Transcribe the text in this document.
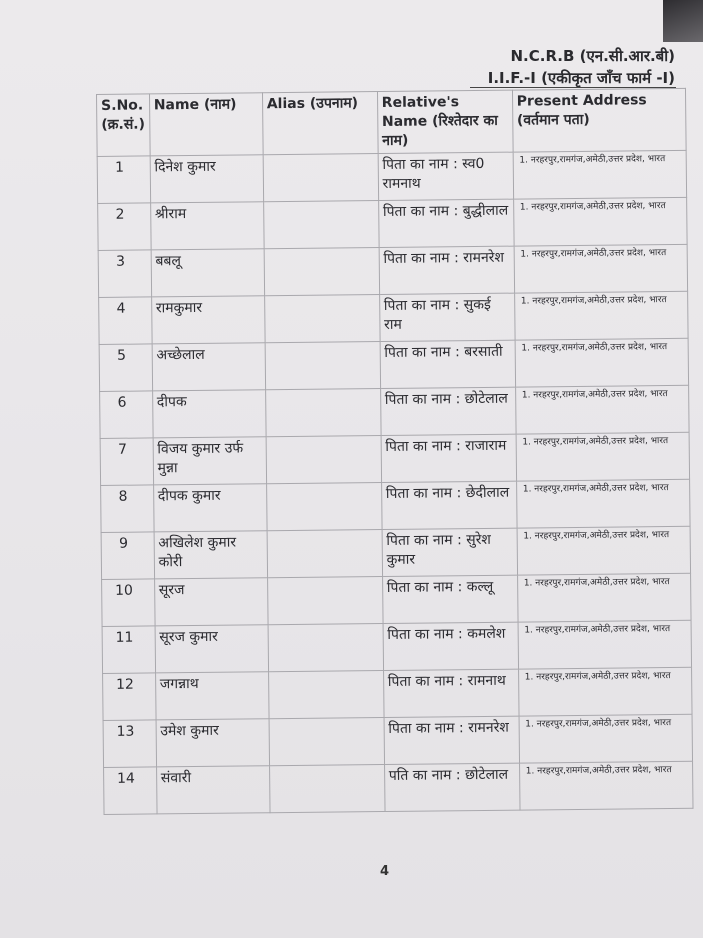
N.C.R.B (एन.सी.आर.बी)
I.I.F.-I (एकीकृत जाँच फार्म -I)
S.No. (क्र.सं.)	Name (नाम)	Alias (उपनाम)	Relative's Name (रिश्तेदार का नाम)	Present Address (वर्तमान पता)
1	दिनेश कुमार		पिता का नाम : स्व0 रामनाथ	1. नरहरपुर,रामगंज,अमेठी,उत्तर प्रदेश, भारत
2	श्रीराम		पिता का नाम : बुद्धीलाल	1. नरहरपुर,रामगंज,अमेठी,उत्तर प्रदेश, भारत
3	बबलू		पिता का नाम : रामनरेश	1. नरहरपुर,रामगंज,अमेठी,उत्तर प्रदेश, भारत
4	रामकुमार		पिता का नाम : सुकई राम	1. नरहरपुर,रामगंज,अमेठी,उत्तर प्रदेश, भारत
5	अच्छेलाल		पिता का नाम : बरसाती	1. नरहरपुर,रामगंज,अमेठी,उत्तर प्रदेश, भारत
6	दीपक		पिता का नाम : छोटेलाल	1. नरहरपुर,रामगंज,अमेठी,उत्तर प्रदेश, भारत
7	विजय कुमार उर्फ मुन्ना		पिता का नाम : राजाराम	1. नरहरपुर,रामगंज,अमेठी,उत्तर प्रदेश, भारत
8	दीपक कुमार		पिता का नाम : छेदीलाल	1. नरहरपुर,रामगंज,अमेठी,उत्तर प्रदेश, भारत
9	अखिलेश कुमार कोरी		पिता का नाम : सुरेश कुमार	1. नरहरपुर,रामगंज,अमेठी,उत्तर प्रदेश, भारत
10	सूरज		पिता का नाम : कल्लू	1. नरहरपुर,रामगंज,अमेठी,उत्तर प्रदेश, भारत
11	सूरज कुमार		पिता का नाम : कमलेश	1. नरहरपुर,रामगंज,अमेठी,उत्तर प्रदेश, भारत
12	जगन्नाथ		पिता का नाम : रामनाथ	1. नरहरपुर,रामगंज,अमेठी,उत्तर प्रदेश, भारत
13	उमेश कुमार		पिता का नाम : रामनरेश	1. नरहरपुर,रामगंज,अमेठी,उत्तर प्रदेश, भारत
14	संवारी		पति का नाम : छोटेलाल	1. नरहरपुर,रामगंज,अमेठी,उत्तर प्रदेश, भारत
4
